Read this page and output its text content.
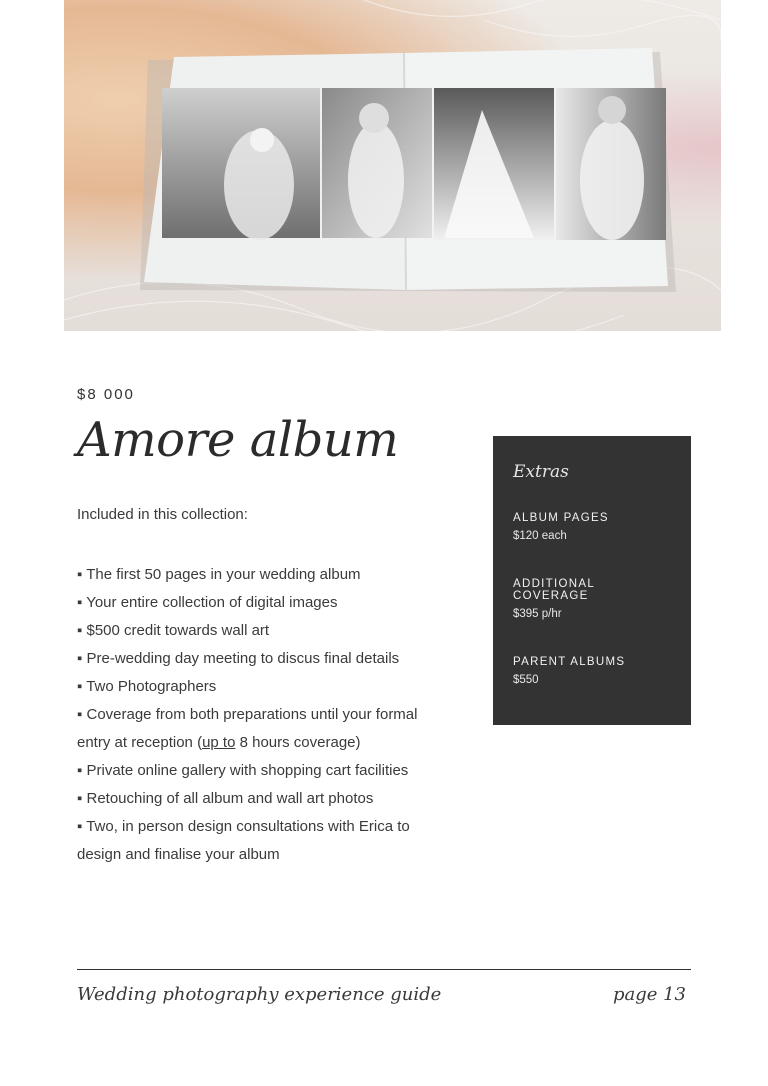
$8 000

Amore album

Included in this collection:

▪ The first 50 pages in your wedding album

▪ Your entire collection of digital images

▪ $500 credit towards wall art

▪ Pre-wedding day meeting to discus final details

▪ Two Photographers

▪ Coverage from both preparations until your formal

entry at reception (up to 8 hours coverage)

▪ Private online gallery with shopping cart facilities

▪ Retouching of all album and wall art photos

▪ Two, in person design consultations with Erica to

design and finalise your album

Extras

ALBUM PAGES

$120 each

ADDITIONAL COVERAGE

$395 p/hr

PARENT ALBUMS

$550

Wedding photography experience guide	page 13
